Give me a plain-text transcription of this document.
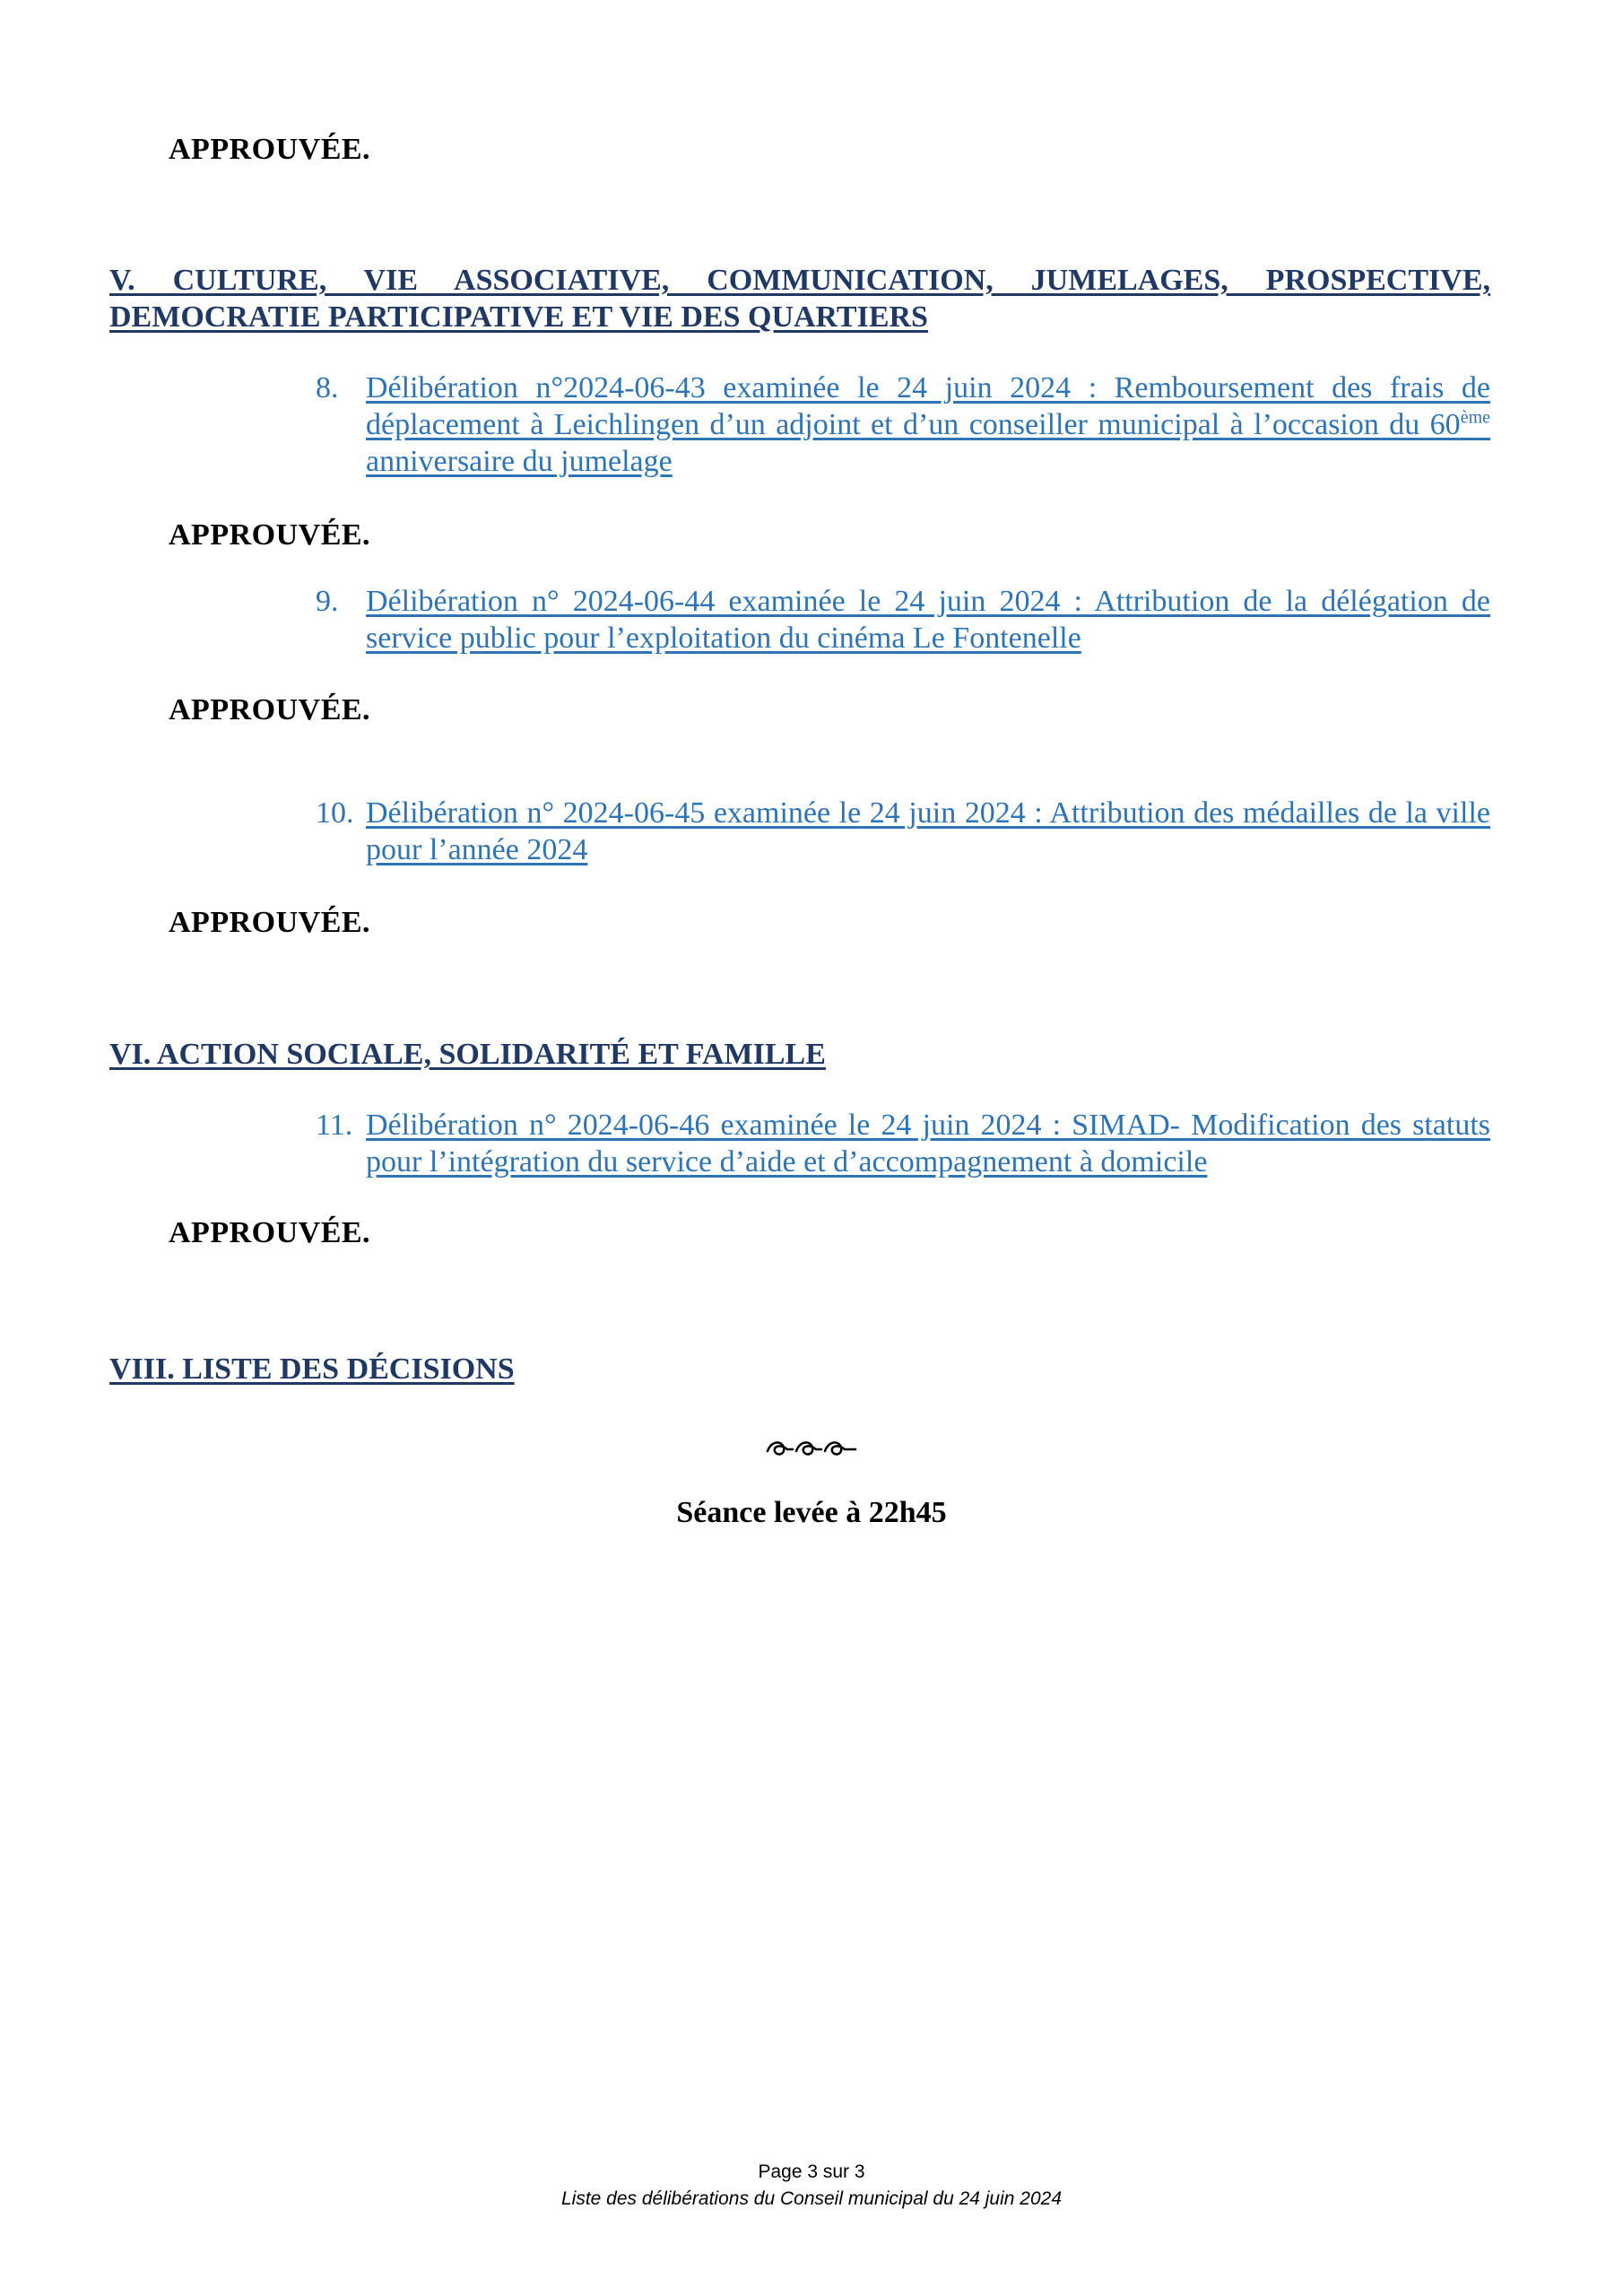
APPROUVÉE.

V. CULTURE, VIE ASSOCIATIVE, COMMUNICATION, JUMELAGES, PROSPECTIVE,
DEMOCRATIE PARTICIPATIVE ET VIE DES QUARTIERS
8. Délibération n°2024-06-43 examinée le 24 juin 2024 : Remboursement des frais de déplacement à Leichlingen d’un adjoint et d’un conseiller municipal à l’occasion du 60ème anniversaire du jumelage

APPROUVÉE.

9. Délibération n° 2024-06-44 examinée le 24 juin 2024 : Attribution de la délégation de service public pour l’exploitation du cinéma Le Fontenelle

APPROUVÉE.

10. Délibération n° 2024-06-45 examinée le 24 juin 2024 : Attribution des médailles de la ville pour l’année 2024

APPROUVÉE.

VI. ACTION SOCIALE, SOLIDARITÉ ET FAMILLE
11. Délibération n° 2024-06-46 examinée le 24 juin 2024 : SIMAD- Modification des statuts pour l’intégration du service d’aide et d’accompagnement à domicile

APPROUVÉE.

VIII. LISTE DES DÉCISIONS
Séance levée à 22h45
Page 3 sur 3
Liste des délibérations du Conseil municipal du 24 juin 2024
